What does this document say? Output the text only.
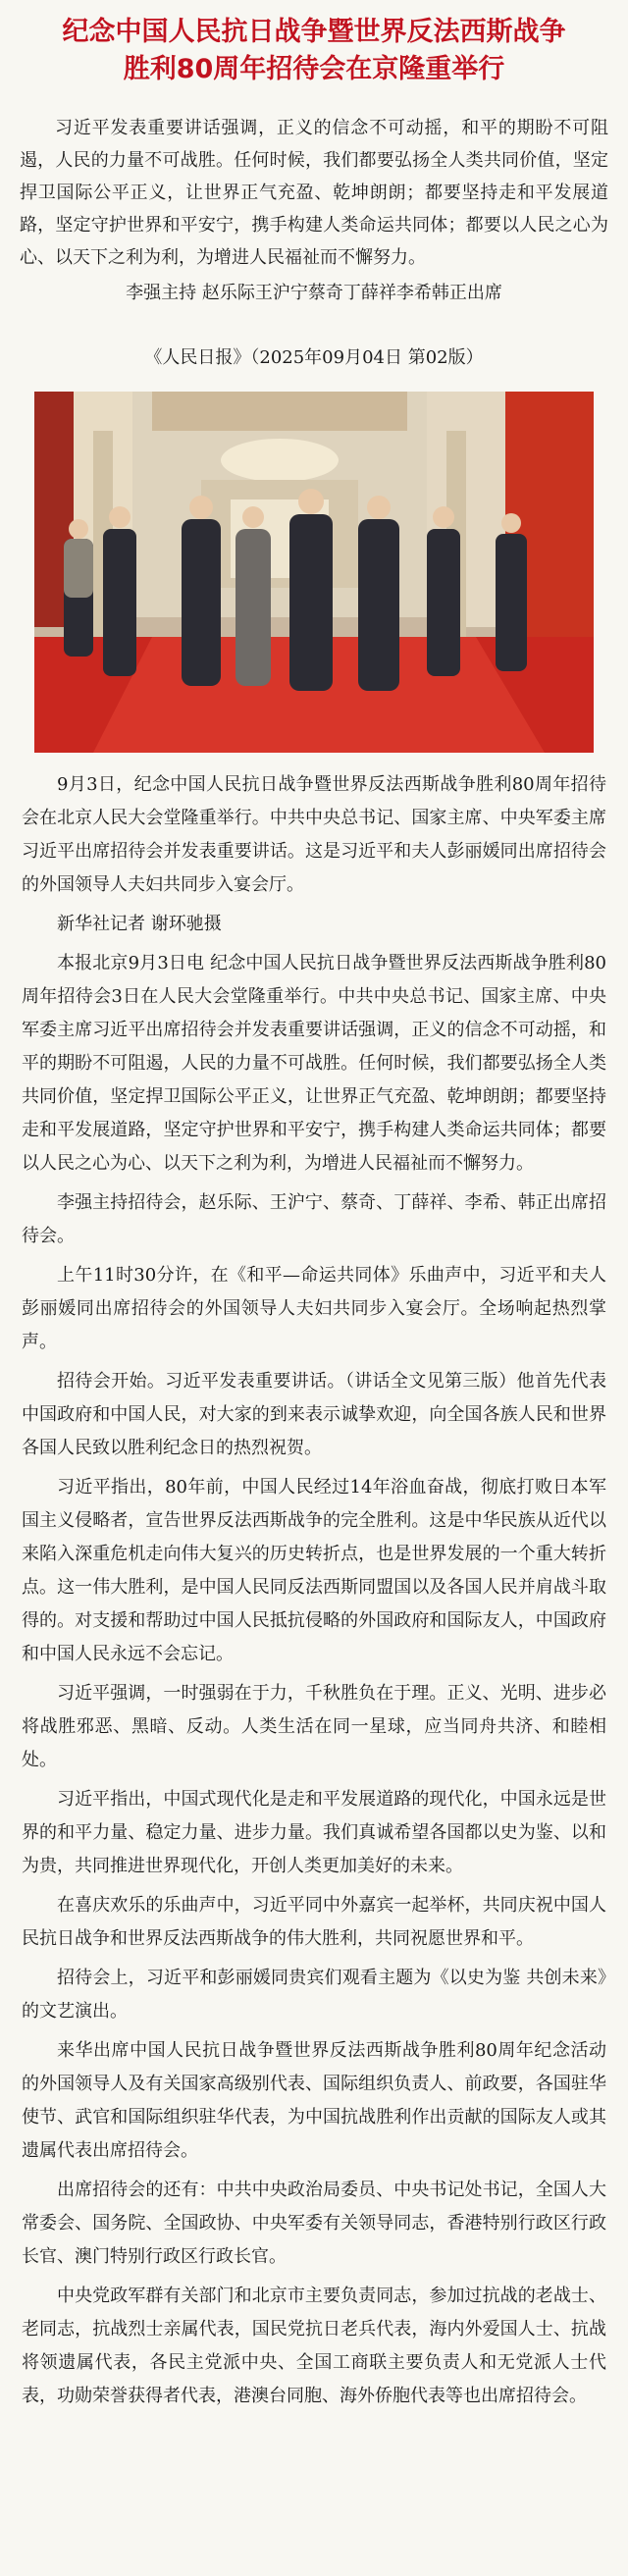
纪念中国人民抗日战争暨世界反法西斯战争
胜利80周年招待会在京隆重举行

习近平发表重要讲话强调，正义的信念不可动摇，和平的期盼不可阻遏，人民的力量不可战胜。任何时候，我们都要弘扬全人类共同价值，坚定捍卫国际公平正义，让世界正气充盈、乾坤朗朗；都要坚持走和平发展道路，坚定守护世界和平安宁，携手构建人类命运共同体；都要以人民之心为心、以天下之利为利，为增进人民福祉而不懈努力。

李强主持 赵乐际王沪宁蔡奇丁薛祥李希韩正出席

《人民日报》（2025年09月04日 第02版）

9月3日，纪念中国人民抗日战争暨世界反法西斯战争胜利80周年招待会在北京人民大会堂隆重举行。中共中央总书记、国家主席、中央军委主席习近平出席招待会并发表重要讲话。这是习近平和夫人彭丽媛同出席招待会的外国领导人夫妇共同步入宴会厅。

新华社记者 谢环驰摄

本报北京9月3日电 纪念中国人民抗日战争暨世界反法西斯战争胜利80周年招待会3日在人民大会堂隆重举行。中共中央总书记、国家主席、中央军委主席习近平出席招待会并发表重要讲话强调，正义的信念不可动摇，和平的期盼不可阻遏，人民的力量不可战胜。任何时候，我们都要弘扬全人类共同价值，坚定捍卫国际公平正义，让世界正气充盈、乾坤朗朗；都要坚持走和平发展道路，坚定守护世界和平安宁，携手构建人类命运共同体；都要以人民之心为心、以天下之利为利，为增进人民福祉而不懈努力。

李强主持招待会，赵乐际、王沪宁、蔡奇、丁薛祥、李希、韩正出席招待会。

上午11时30分许，在《和平—命运共同体》乐曲声中，习近平和夫人彭丽媛同出席招待会的外国领导人夫妇共同步入宴会厅。全场响起热烈掌声。

招待会开始。习近平发表重要讲话。（讲话全文见第三版）他首先代表中国政府和中国人民，对大家的到来表示诚挚欢迎，向全国各族人民和世界各国人民致以胜利纪念日的热烈祝贺。

习近平指出，80年前，中国人民经过14年浴血奋战，彻底打败日本军国主义侵略者，宣告世界反法西斯战争的完全胜利。这是中华民族从近代以来陷入深重危机走向伟大复兴的历史转折点，也是世界发展的一个重大转折点。这一伟大胜利，是中国人民同反法西斯同盟国以及各国人民并肩战斗取得的。对支援和帮助过中国人民抵抗侵略的外国政府和国际友人，中国政府和中国人民永远不会忘记。

习近平强调，一时强弱在于力，千秋胜负在于理。正义、光明、进步必将战胜邪恶、黑暗、反动。人类生活在同一星球，应当同舟共济、和睦相处。

习近平指出，中国式现代化是走和平发展道路的现代化，中国永远是世界的和平力量、稳定力量、进步力量。我们真诚希望各国都以史为鉴、以和为贵，共同推进世界现代化，开创人类更加美好的未来。

在喜庆欢乐的乐曲声中，习近平同中外嘉宾一起举杯，共同庆祝中国人民抗日战争和世界反法西斯战争的伟大胜利，共同祝愿世界和平。

招待会上，习近平和彭丽媛同贵宾们观看主题为《以史为鉴 共创未来》的文艺演出。

来华出席中国人民抗日战争暨世界反法西斯战争胜利80周年纪念活动的外国领导人及有关国家高级别代表、国际组织负责人、前政要，各国驻华使节、武官和国际组织驻华代表，为中国抗战胜利作出贡献的国际友人或其遗属代表出席招待会。

出席招待会的还有：中共中央政治局委员、中央书记处书记，全国人大常委会、国务院、全国政协、中央军委有关领导同志，香港特别行政区行政长官、澳门特别行政区行政长官。

中央党政军群有关部门和北京市主要负责同志，参加过抗战的老战士、老同志，抗战烈士亲属代表，国民党抗日老兵代表，海内外爱国人士、抗战将领遗属代表，各民主党派中央、全国工商联主要负责人和无党派人士代表，功勋荣誉获得者代表，港澳台同胞、海外侨胞代表等也出席招待会。
